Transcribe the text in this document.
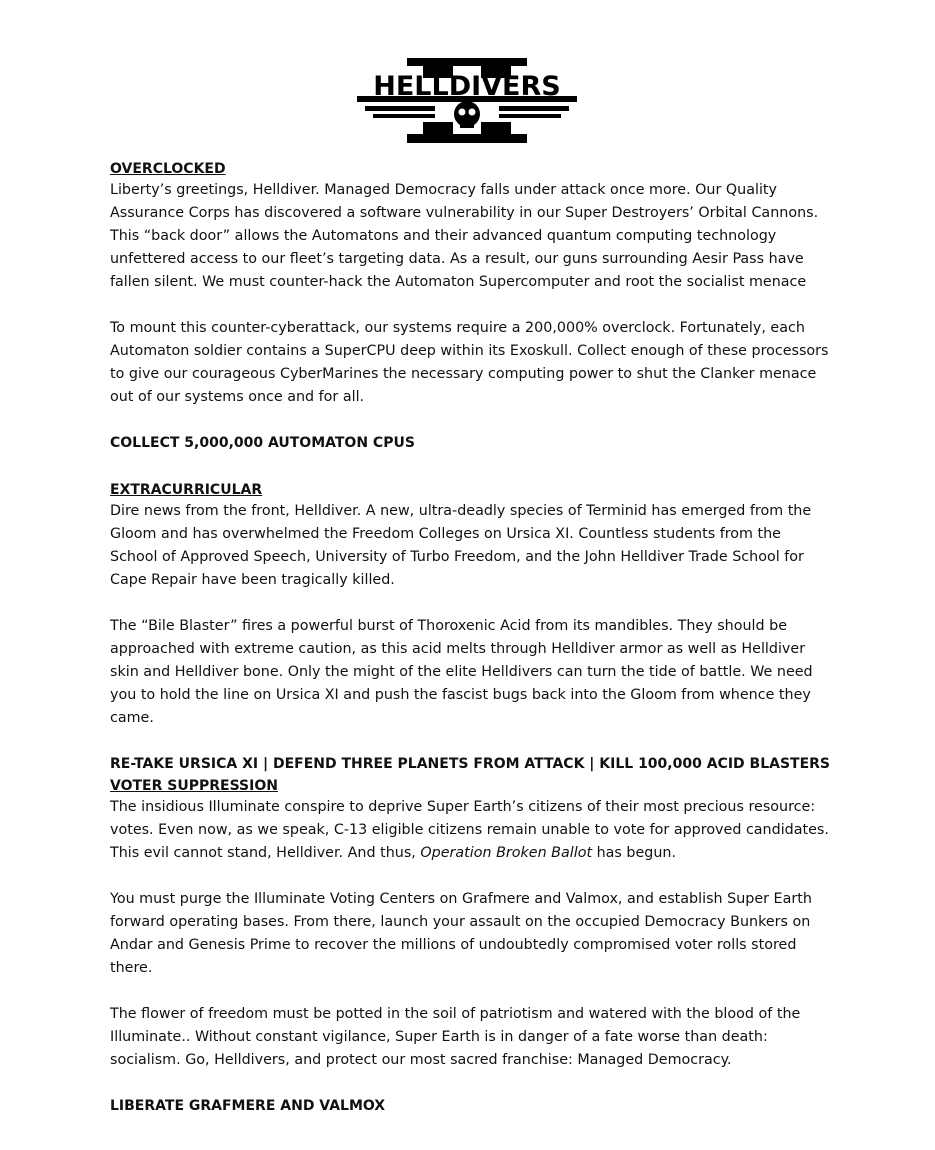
HELLDIVERS
OVERCLOCKED

Liberty’s greetings, Helldiver. Managed Democracy falls under attack once more. Our Quality Assurance Corps has discovered a software vulnerability in our Super Destroyers’ Orbital Cannons. This “back door” allows the Automatons and their advanced quantum computing technology unfettered access to our fleet’s targeting data. As a result, our guns surrounding Aesir Pass have fallen silent. We must counter-hack the Automaton Supercomputer and root the socialist menace

To mount this counter-cyberattack, our systems require a 200,000% overclock. Fortunately, each Automaton soldier contains a SuperCPU deep within its Exoskull. Collect enough of these processors to give our courageous CyberMarines the necessary computing power to shut the Clanker menace out of our systems once and for all.

COLLECT 5,000,000 AUTOMATON CPUS
EXTRACURRICULAR

Dire news from the front, Helldiver. A new, ultra-deadly species of Terminid has emerged from the Gloom and has overwhelmed the Freedom Colleges on Ursica XI. Countless students from the School of Approved Speech, University of Turbo Freedom, and the John Helldiver Trade School for Cape Repair have been tragically killed.

The “Bile Blaster” fires a powerful burst of Thoroxenic Acid from its mandibles. They should be approached with extreme caution, as this acid melts through Helldiver armor as well as Helldiver skin and Helldiver bone. Only the might of the elite Helldivers can turn the tide of battle. We need you to hold the line on Ursica XI and push the fascist bugs back into the Gloom from whence they came.

RE-TAKE URSICA XI | DEFEND THREE PLANETS FROM ATTACK | KILL 100,000 ACID BLASTERS
VOTER SUPPRESSION

The insidious Illuminate conspire to deprive Super Earth’s citizens of their most precious resource: votes. Even now, as we speak, C-13 eligible citizens remain unable to vote for approved candidates. This evil cannot stand, Helldiver. And thus, Operation Broken Ballot has begun.

You must purge the Illuminate Voting Centers on Grafmere and Valmox, and establish Super Earth forward operating bases. From there, launch your assault on the occupied Democracy Bunkers on Andar and Genesis Prime to recover the millions of undoubtedly compromised voter rolls stored there.

The flower of freedom must be potted in the soil of patriotism and watered with the blood of the Illuminate.. Without constant vigilance, Super Earth is in danger of a fate worse than death: socialism. Go, Helldivers, and protect our most sacred franchise: Managed Democracy.

LIBERATE GRAFMERE AND VALMOX
